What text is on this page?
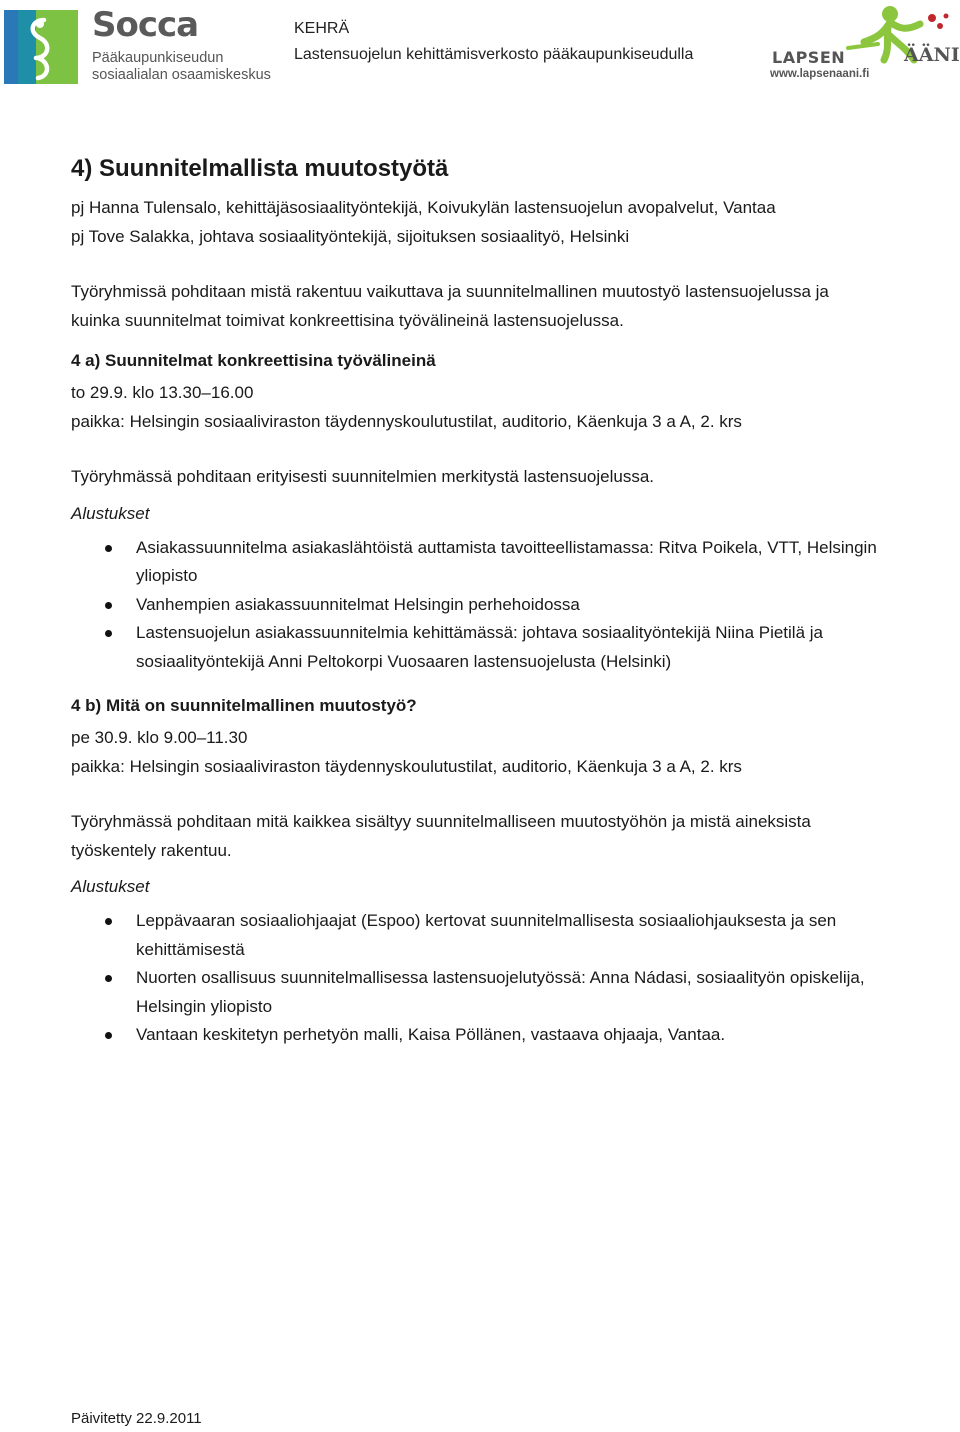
Socca
Pääkaupunkiseudun
sosiaalialan osaamiskeskus
KEHRÄ
Lastensuojelun kehittämisverkosto pääkaupunkiseudulla	LAPSEN	ÄÄNI
www.lapsenaani.fi
4) Suunnitelmallista muutostyötä

pj Hanna Tulensalo, kehittäjäsosiaalityöntekijä, Koivukylän lastensuojelun avopalvelut, Vantaa

pj Tove Salakka, johtava sosiaalityöntekijä, sijoituksen sosiaalityö, Helsinki

Työryhmissä pohditaan mistä rakentuu vaikuttava ja suunnitelmallinen muutostyö lastensuojelussa ja

kuinka suunnitelmat toimivat konkreettisina työvälineinä lastensuojelussa.

4 a) Suunnitelmat konkreettisina työvälineinä

to 29.9. klo 13.30–16.00

paikka: Helsingin sosiaaliviraston täydennyskoulutustilat, auditorio, Käenkuja 3 a A, 2. krs

Työryhmässä pohditaan erityisesti suunnitelmien merkitystä lastensuojelussa.

Alustukset

Asiakassuunnitelma asiakaslähtöistä auttamista tavoitteellistamassa: Ritva Poikela, VTT, Helsingin
yliopisto
Vanhempien asiakassuunnitelmat Helsingin perhehoidossa
Lastensuojelun asiakassuunnitelmia kehittämässä: johtava sosiaalityöntekijä Niina Pietilä ja
sosiaalityöntekijä Anni Peltokorpi Vuosaaren lastensuojelusta (Helsinki)
4 b) Mitä on suunnitelmallinen muutostyö?

pe 30.9. klo 9.00–11.30

paikka: Helsingin sosiaaliviraston täydennyskoulutustilat, auditorio, Käenkuja 3 a A, 2. krs

Työryhmässä pohditaan mitä kaikkea sisältyy suunnitelmalliseen muutostyöhön ja mistä aineksista

työskentely rakentuu.

Alustukset

Leppävaaran sosiaaliohjaajat (Espoo) kertovat suunnitelmallisesta sosiaaliohjauksesta ja sen
kehittämisestä
Nuorten osallisuus suunnitelmallisessa lastensuojelutyössä: Anna Nádasi, sosiaalityön opiskelija,
Helsingin yliopisto
Vantaan keskitetyn perhetyön malli, Kaisa Pöllänen, vastaava ohjaaja, Vantaa.
Päivitetty 22.9.2011
